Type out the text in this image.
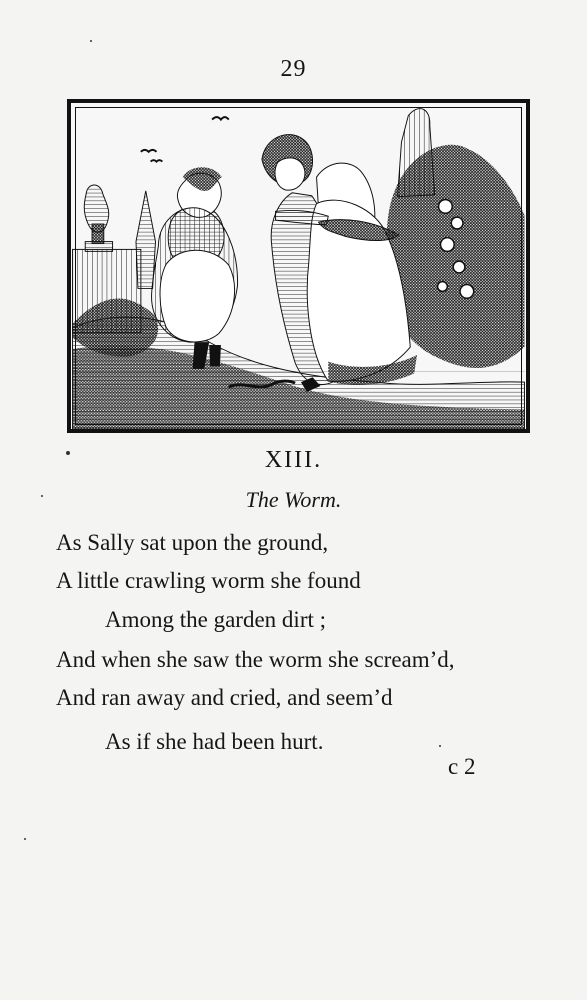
29
XIII.
The Worm.
As Sally sat upon the ground,
A little crawling worm she found
Among the garden dirt ;
And when she saw the worm she scream’d,
And ran away and cried, and seem’d
As if she had been hurt.
c 2
